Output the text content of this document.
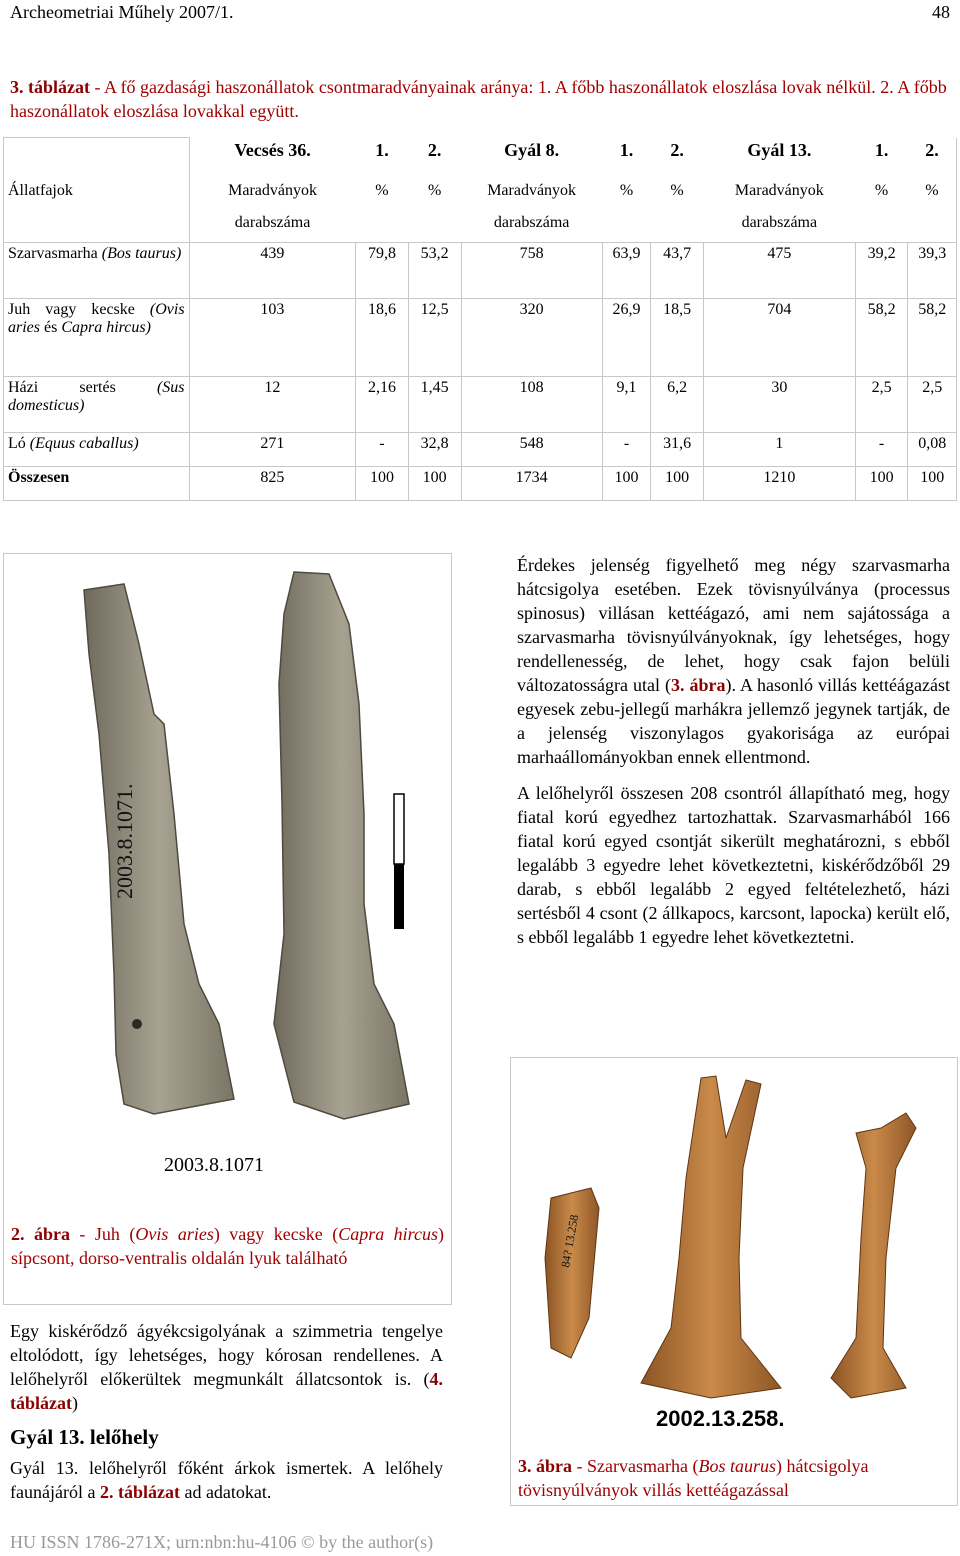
Archeometriai Műhely 2007/1.	48
3. táblázat - A fő gazdasági haszonállatok csontmaradványainak aránya: 1. A főbb haszonállatok eloszlása lovak nélkül. 2. A főbb haszonállatok eloszlása lovakkal együtt.
	Vecsés 36.	1.	2.	Gyál 8.	1.	2.	Gyál 13.	1.	2.
Állatfajok	Maradványok	%	%	Maradványok	%	%	Maradványok	%	%
	darabszáma			darabszáma			darabszáma		
Szarvasmarha (Bos taurus)	439	79,8	53,2	758	63,9	43,7	475	39,2	39,3
Juh vagy kecske (Ovis aries és Capra hircus)	103	18,6	12,5	320	26,9	18,5	704	58,2	58,2
Házi sertés (Sus domesticus)	12	2,16	1,45	108	9,1	6,2	30	2,5	2,5
Ló (Equus caballus)	271	-	32,8	548	-	31,6	1	-	0,08
Összesen	825	100	100	1734	100	100	1210	100	100
2003.8.1071.
2003.8.1071
2. ábra - Juh (Ovis aries) vagy kecske (Capra hircus) sípcsont, dorso-ventralis oldalán lyuk található

Érdekes jelenség figyelhető meg négy szarvasmarha hátcsigolya esetében. Ezek tövisnyúlványa (processus spinosus) villásan kettéágazó, ami nem sajátossága a szarvasmarha tövisnyúlványoknak, így lehetséges, hogy rendellenesség, de lehet, hogy csak fajon belüli változatosságra utal (3. ábra). A hasonló villás kettéágazást egyesek zebu-jellegű marhákra jellemző jegynek tartják, de a jelenség viszonylagos gyakorisága az európai marhaállományokban ennek ellentmond.

A lelőhelyről összesen 208 csontról állapítható meg, hogy fiatal korú egyedhez tartozhattak. Szarvasmarhából 166 fiatal korú egyed csontját sikerült meghatározni, s ebből legalább 3 egyedre lehet következtetni, kiskérődzőből 29 darab, s ebből legalább 2 egyed feltételezhető, házi sertésből 4 csont (2 állkapocs, karcsont, lapocka) került elő, s ebből legalább 1 egyedre lehet következtetni.

84? 13.258
2002.13.258.
3. ábra - Szarvasmarha (Bos taurus) hátcsigolya tövisnyúlványok villás kettéágazással

Egy kiskérődző ágyékcsigolyának a szimmetria tengelye eltolódott, így lehetséges, hogy kórosan rendellenes. A lelőhelyről előkerültek megmunkált állatcsontok is. (4. táblázat)

Gyál 13. lelőhely

Gyál 13. lelőhelyről főként árkok ismertek. A lelőhely faunájáról a 2. táblázat ad adatokat.

HU ISSN 1786-271X; urn:nbn:hu-4106 © by the author(s)
